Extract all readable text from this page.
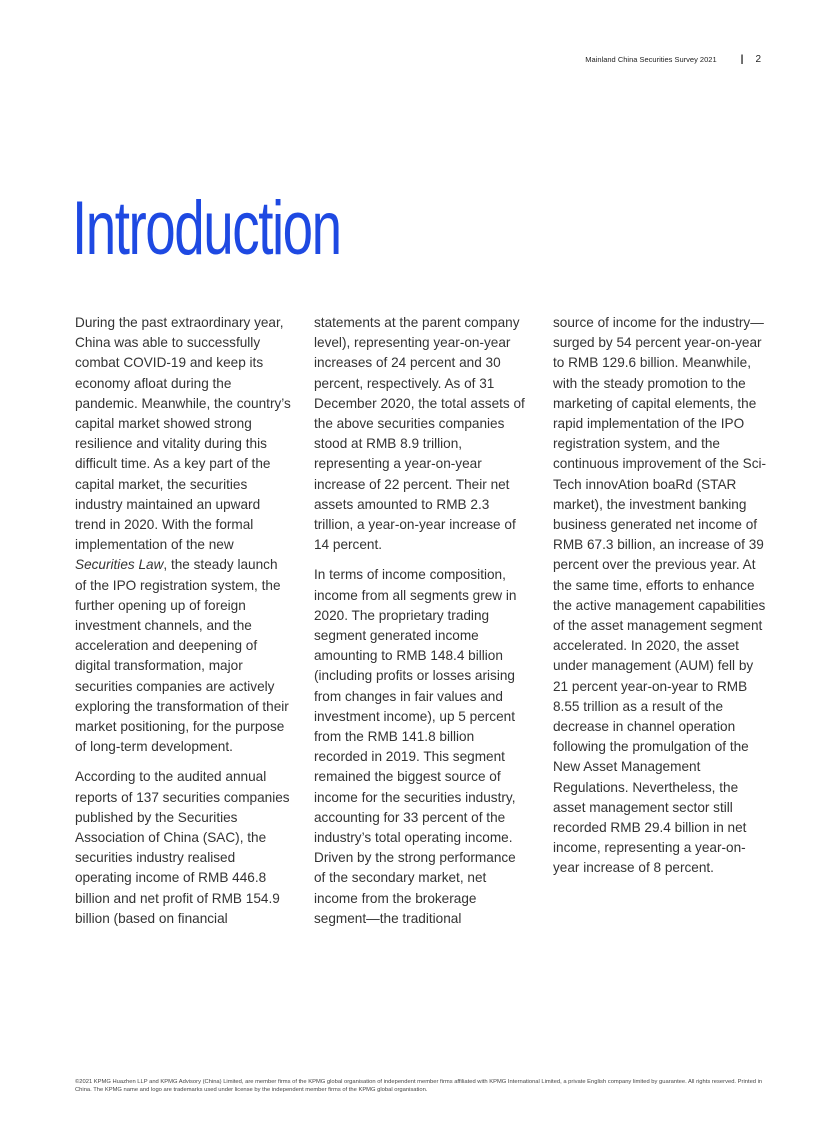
Mainland China Securities Survey 2021 | 2
Introduction

During the past extraordinary year, China was able to successfully combat COVID-19 and keep its economy afloat during the pandemic. Meanwhile, the country’s capital market showed strong resilience and vitality during this difficult time. As a key part of the capital market, the securities industry maintained an upward trend in 2020. With the formal implementation of the new Securities Law, the steady launch of the IPO registration system, the further opening up of foreign investment channels, and the acceleration and deepening of digital transformation, major securities companies are actively exploring the transformation of their market positioning, for the purpose of long-term development.

According to the audited annual reports of 137 securities companies published by the Securities Association of China (SAC), the securities industry realised operating income of RMB 446.8 billion and net profit of RMB 154.9 billion (based on financial

statements at the parent company level), representing year-on-year increases of 24 percent and 30 percent, respectively. As of 31 December 2020, the total assets of the above securities companies stood at RMB 8.9 trillion, representing a year-on-year increase of 22 percent. Their net assets amounted to RMB 2.3 trillion, a year-on-year increase of 14 percent.

In terms of income composition, income from all segments grew in 2020. The proprietary trading segment generated income amounting to RMB 148.4 billion (including profits or losses arising from changes in fair values and investment income), up 5 percent from the RMB 141.8 billion recorded in 2019. This segment remained the biggest source of income for the securities industry, accounting for 33 percent of the industry’s total operating income. Driven by the strong performance of the secondary market, net income from the brokerage segment—the traditional

source of income for the industry—surged by 54 percent year-on-year to RMB 129.6 billion. Meanwhile, with the steady promotion to the marketing of capital elements, the rapid implementation of the IPO registration system, and the continuous improvement of the Sci-Tech innovAtion boaRd (STAR market), the investment banking business generated net income of RMB 67.3 billion, an increase of 39 percent over the previous year. At the same time, efforts to enhance the active management capabilities of the asset management segment accelerated. In 2020, the asset under management (AUM) fell by 21 percent year-on-year to RMB 8.55 trillion as a result of the decrease in channel operation following the promulgation of the New Asset Management Regulations. Nevertheless, the asset management sector still recorded RMB 29.4 billion in net income, representing a year-on-year increase of 8 percent.

©2021 KPMG Huazhen LLP and KPMG Advisory (China) Limited, are member firms of the KPMG global organisation of independent member firms affiliated with KPMG International Limited, a private English company limited by guarantee. All rights reserved. Printed in China. The KPMG name and logo are trademarks used under license by the independent member firms of the KPMG global organisation.
